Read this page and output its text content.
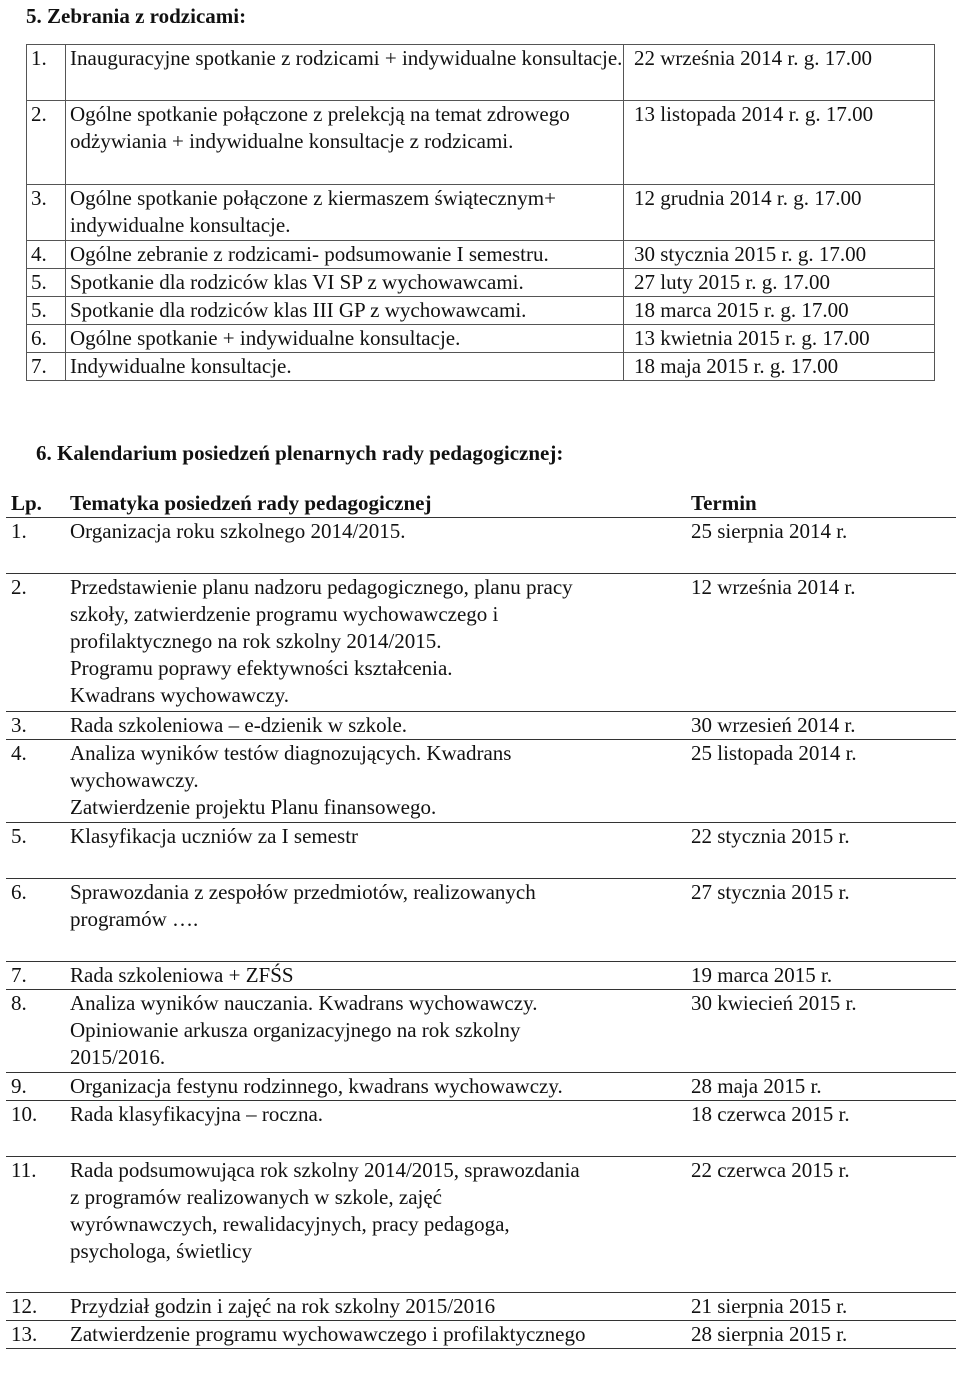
5. Zebrania z rodzicami:
1.	Inauguracyjne spotkanie z rodzicami + indywidualne konsultacje.	22 września 2014 r. g. 17.00
2.	Ogólne spotkanie połączone z prelekcją na temat zdrowego odżywiania + indywidualne konsultacje z rodzicami.	13 listopada 2014 r. g. 17.00
3.	Ogólne spotkanie połączone z kiermaszem świątecznym+ indywidualne konsultacje.	12 grudnia 2014 r. g. 17.00
4.	Ogólne zebranie z rodzicami- podsumowanie I semestru.	30 stycznia 2015 r. g. 17.00
5.	Spotkanie dla rodziców klas VI SP z wychowawcami.	27 luty 2015 r. g. 17.00
5.	Spotkanie dla rodziców klas III GP z wychowawcami.	18 marca 2015 r. g. 17.00
6.	Ogólne spotkanie + indywidualne konsultacje.	13 kwietnia 2015 r. g. 17.00
7.	Indywidualne konsultacje.	18 maja 2015 r. g. 17.00
6. Kalendarium posiedzeń plenarnych rady pedagogicznej:
Lp.	Tematyka posiedzeń rady pedagogicznej	Termin
1.	Organizacja roku szkolnego 2014/2015.	25 sierpnia 2014 r.
2.	Przedstawienie planu nadzoru pedagogicznego, planu pracy
szkoły, zatwierdzenie programu wychowawczego i
profilaktycznego na rok szkolny 2014/2015.
Programu poprawy efektywności kształcenia.
Kwadrans wychowawczy.	12 września 2014 r.
3.	Rada szkoleniowa – e-dzienik w szkole.	30 wrzesień 2014 r.
4.	Analiza wyników testów diagnozujących. Kwadrans
wychowawczy.
Zatwierdzenie projektu Planu finansowego.	25 listopada 2014 r.
5.	Klasyfikacja uczniów za I semestr	22 stycznia 2015 r.
6.	Sprawozdania z zespołów przedmiotów, realizowanych
programów ….	27 stycznia 2015 r.
7.	Rada szkoleniowa + ZFŚS	19 marca 2015 r.
8.	Analiza wyników nauczania. Kwadrans wychowawczy.
Opiniowanie arkusza organizacyjnego na rok szkolny
2015/2016.	30 kwiecień 2015 r.
9.	Organizacja festynu rodzinnego, kwadrans wychowawczy.	28 maja 2015 r.
10.	Rada klasyfikacyjna – roczna.	18 czerwca 2015 r.
11.	Rada podsumowująca rok szkolny 2014/2015, sprawozdania
z programów realizowanych w szkole, zajęć
wyrównawczych, rewalidacyjnych, pracy pedagoga,
psychologa, świetlicy	22 czerwca 2015 r.
12.	Przydział godzin i zajęć na rok szkolny 2015/2016	21 sierpnia 2015 r.
13.	Zatwierdzenie programu wychowawczego i profilaktycznego	28 sierpnia 2015 r.
